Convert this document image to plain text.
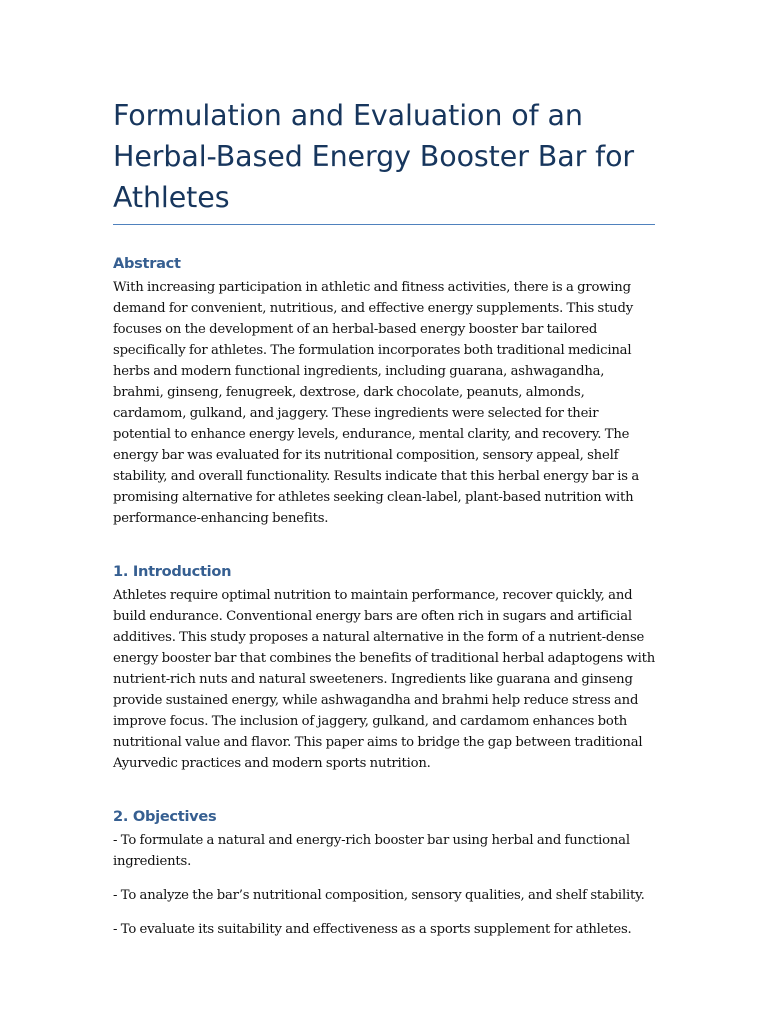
Formulation and Evaluation of an Herbal-Based Energy Booster Bar for Athletes
Abstract

With increasing participation in athletic and fitness activities, there is a growing demand for convenient, nutritious, and effective energy supplements. This study focuses on the development of an herbal-based energy booster bar tailored specifically for athletes. The formulation incorporates both traditional medicinal herbs and modern functional ingredients, including guarana, ashwagandha, brahmi, ginseng, fenugreek, dextrose, dark chocolate, peanuts, almonds, cardamom, gulkand, and jaggery. These ingredients were selected for their potential to enhance energy levels, endurance, mental clarity, and recovery. The energy bar was evaluated for its nutritional composition, sensory appeal, shelf stability, and overall functionality. Results indicate that this herbal energy bar is a promising alternative for athletes seeking clean-label, plant-based nutrition with performance-enhancing benefits.

1. Introduction

Athletes require optimal nutrition to maintain performance, recover quickly, and build endurance. Conventional energy bars are often rich in sugars and artificial additives. This study proposes a natural alternative in the form of a nutrient-dense energy booster bar that combines the benefits of traditional herbal adaptogens with nutrient-rich nuts and natural sweeteners. Ingredients like guarana and ginseng provide sustained energy, while ashwagandha and brahmi help reduce stress and improve focus. The inclusion of jaggery, gulkand, and cardamom enhances both nutritional value and flavor. This paper aims to bridge the gap between traditional Ayurvedic practices and modern sports nutrition.

2. Objectives
- To formulate a natural and energy-rich booster bar using herbal and functional ingredients.
- To analyze the bar’s nutritional composition, sensory qualities, and shelf stability.
- To evaluate its suitability and effectiveness as a sports supplement for athletes.
